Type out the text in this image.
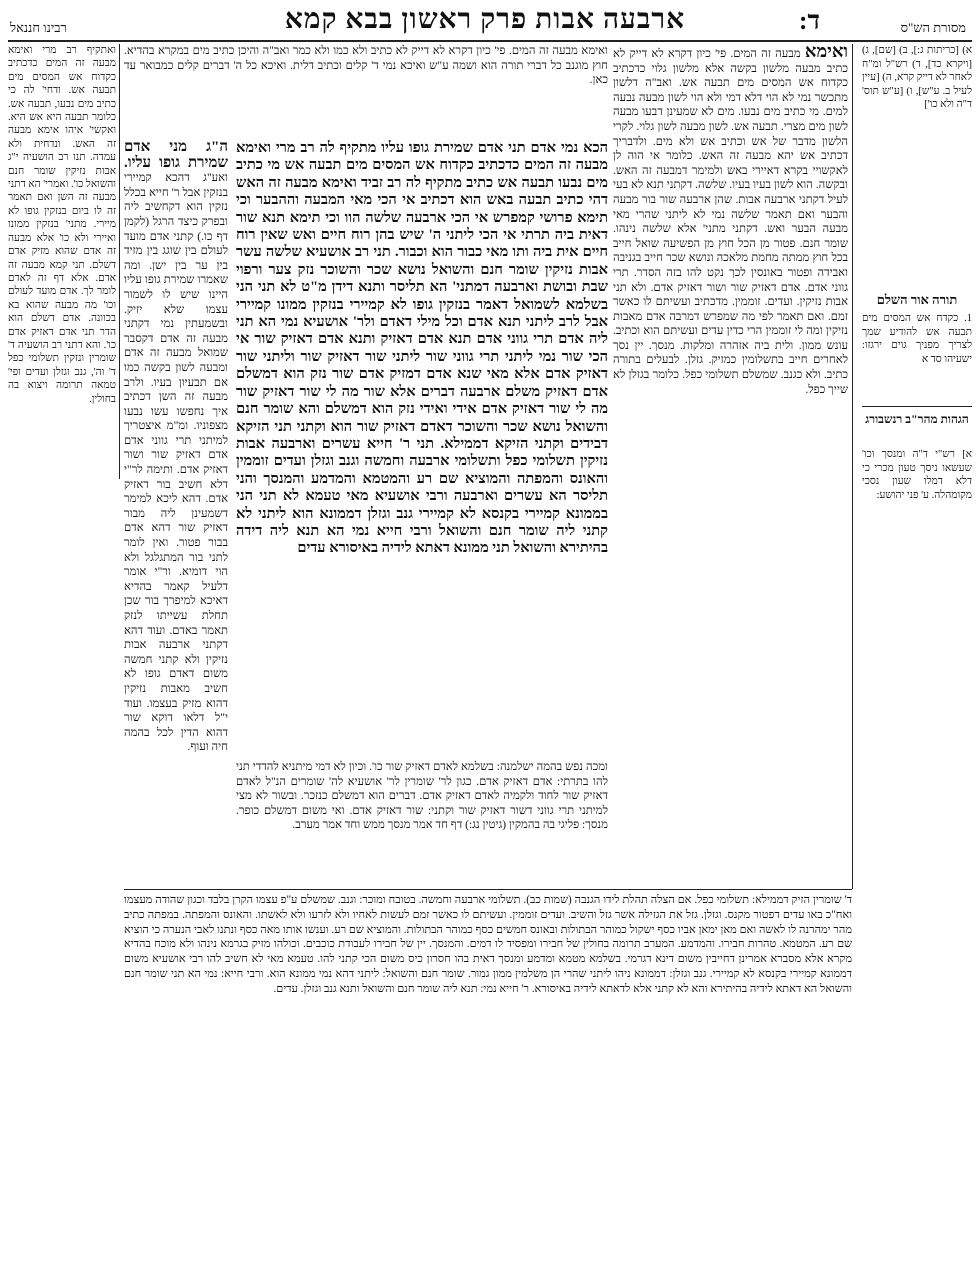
מסורת הש"ס
ד:
ארבעה אבות פרק ראשון בבא קמא
רבינו חננאל
א) [כריתות ג:], ב) [שם], ג) [ויקרא כד], ד) רש"ל ומ"ח לאחר לא דייק קרא, ה) [עיין לעיל ב. ע"ש], ו) [ע"ש תוס' ד"ה ולא כו']
תורה אור השלם
1. כקדח אש המסים מים תבעה אש להודיע שמך לצריך מפניך גוים ירגזו: ישעיהו סד א
הגהות מהר"ב רנשבורג
א] רש"י ד"ה ומנסך וכו' שעשאו ניסך טעון מכרי כי דלא דמלו שעון נסכי מקומהלה. ע' פני יהושע:

ואימא מבעה זה המים. פי' כיון דקרא לא דייק לא כתיב מבעה מלשון בקשה אלא מלשון גלוי כדכתיב כקדוח אש המסים מים תבעה אש. ואב"ה דלשון מתכשר נמי לא הוי דלא דמי ולא הוי לשון מבעה נבעה למים. מי כתיב מים נבעו. מים לא שמעינן דבעו מבעה לשון מים מצרי. תבעה אש. לשון מבעה לשון גלוי. לקרי הלשון מדבר של אש וכתיב אש ולא מים. ולדבריך דכתיב אש יהא מבעה זה האש. כלומר אי הוה לן לאקשויי בקרא דאיירי באש ולמימר דמבעה זה האש. ובקשה. הוא לשון בעיו בעיו. שלשה. דקתני תנא לא בעי לעיל דקתני ארבעה אבות. שהן ארבעה שור בור מבעה והבער ואם תאמר שלשה נמי לא ליתני שהרי מאי מבעה הבער ואש. דקתני מתני' אלא שלשה נינהו. שומר חנם. פטור מן הכל חוץ מן הפשיעה שואל חייב בכל חוץ ממתה מחמת מלאכה ונושא שכר חייב בגניבה ואבידה ופטור באונסין לכך נקט להו בזה הסדר. תרי גווני אדם. אדם דאזיק שור ושור דאזיק אדם. ולא תני אבות נזיקין. ועדים. זוממין. מדכתיב ועשיתם לו כאשר זמם. ואם תאמר לפי מה שמפרש דמרבה אדם מאבות נזיקין ומה לי זוממין הרי כדין עדים ועשיתם הוא וכתיב. עונש ממון. ולית ביה אזהרה ומלקות. מנסך. יין נסך לאחרים חייב בתשלומין כמזיק. גזלן. לבעלים בתורה כתיב. ולא כגנב. שמשלם תשלומי כפל. כלומר בגזלן לא שייך כפל.

הכא נמי אדם תני אדם שמירת גופו עליו מתקיף לה רב מרי ואימא מבעה זה המים כדכתיב כקדוח אש המסים מים תבעה אש מי כתיב מים נבעו תבעה אש כתיב מתקיף לה רב זביד ואימא מבעה זה האש דהי כתיב תבעה באש הוא דכתיב אי הכי מאי המבעה וההבער וכי תימא פרושי קמפרש אי הכי ארבעה שלשה הוו וכי תימא תנא שור דאית ביה תרתי אי הכי ליתני ה' שיש בהן רוח חיים ואש שאין רוח חיים אית ביה ותו מאי כבור הוא וכבור. תני רב אושעיא שלשה עשר אבות נזיקין שומר חנם והשואל נושא שכר והשוכר נזק צער ורפוי שבת ובושת וארבעה דמתני' הא תליסר ותנא דידן מ"ט לא תני הני בשלמא לשמואל דאמר בנזקין גופו לא קמיירי בנזקין ממונו קמיירי אבל לרב ליתני תנא אדם וכל מילי דאדם ולר' אושעיא נמי הא תני ליה אדם תרי גווני אדם תנא אדם דאזיק ותנא אדם דאזיק שור אי הכי שור נמי ליתני תרי גווני שור ליתני שור דאזיק שור וליתני שור דאזיק אדם אלא מאי שנא אדם דמזיק אדם שור נזק הוא דמשלם אדם דאזיק משלם ארבעה דברים אלא שור מה לי שור דאזיק שור מה לי שור דאזיק אדם אידי ואידי נזק הוא דמשלם והא שומר חנם והשואל נושא שכר והשוכר דאדם דאזיק שור הוא וקתני תני הזיקא דבידים וקתני הזיקא דממילא. תני ר' חייא עשרים וארבעה אבות נזיקין תשלומי כפל ותשלומי ארבעה וחמשה וגנב וגזלן ועדים זוממין והאונס והמפתה והמוציא שם רע והמטמא והמדמע והמנסך והני תליסר הא עשרים וארבעה ורבי אושעיא מאי טעמא לא תני הני בממונא קמיירי בקנסא לא קמיירי גנב וגזלן דממונא הוא ליתני לא קתני ליה שומר חנם והשואל ורבי חייא נמי הא תנא ליה דידה בהיתירא והשואל תני ממונא דאתא לידיה באיסורא עדים
ואימא מבעה זה המים. פי' כיון דקרא לא דייק לא כתיב ולא כמו ולא כמר ואב"ה והיכן כתיב מים במקרא בהדיא. חוץ מוגנב כל דברי תורה הוא ושמה ע"ש ואיכא נמי ד' קלים וכתיב דלית. ואיכא כל ה' דברים קלים כמבואר עד כאן.

ה"ג מני אדם שמירת גופו עליו. ואע"ג דהכא קמיירי בנזקין אבל ר' חייא בכלל נזקין הוא דקחשיב ליה ובפרק כיצד הרגל (לקמן דף כו.) קתני אדם מועד לעולם בין שוגג בין מזיד בין ער בין ישן. ומה שאמרו שמירת גופו עליו היינו שיש לו לשמור עצמו שלא יזיק. ובשמעתין נמי דקתני מבעה זה אדם דקסבר שמואל מבעה זה אדם ומבעה לשון בקשה כמו אם תבעיון בעיו. ולרב מבעה זה השן דכתיב איך נחפשו עשו נבעו מצפוניו. ומ"מ איצטריך למיתני תרי גווני אדם אדם דאזיק שור ושור דאזיק אדם. ותימה לר"י דלא חשיב בור דאזיק אדם. דהא ליכא למימר דשמעינן ליה מבור דאזיק שור דהא אדם בבור פטור. ואין לומר לתני בור המתגלגל ולא הוי דומיא. ור"י אומר דלעיל קאמר בהדיא דאיכא למיפרך בור שכן תחלת עשייתו לנזק תאמר באדם. ועוד דהא דקתני ארבעה אבות נזיקין ולא קתני חמשה משום דאדם גופו לא חשיב מאבות נזיקין דהוא מזיק בעצמו. ועוד י"ל דלאו דוקא שור דהוא הדין לכל בהמה חיה ועוף.

ואתקיף רב מרי ואימא מבעה זה המים כדכתיב כקדוח אש המסים מים תבעה אש. ודחי' לה כי כתיב מים נבעו, תבעה אש. כלומר תבעה היא אש היא. ואקשי' איהו אימא מבעה זה האש. ונדחית ולא עמדה. תנו רב הושעיה י"ג אבות נזיקין שומר חנם והשואל כו'. ואמרי' הא דתני מבעה זה השן ואם תאמר זה לו ביום בנזקין גופו לא מיירי. מתני' בנזקין ממונו ואיירי ולא כו' אלא מבעה זה אדם שהוא מזיק אדם דשלם. תני קמא מבעה זה אדם. אלא דף זה לאדם לומר לך. אדם מועד לעולם וכו' מה מבעה שהוא בא בכוונה. אדם דשלם הוא הדר תני אדם דאזיק אדם כו'. והא דתני רב הושעיה ד' שומרין ונזקין תשלומי כפל ד' וה', גנב וגזלן ועדים ופי' טמאה תרומה ויצוא בה בחולין.
ומכה נפש בהמה ישלמנה: בשלמא לאדם דאזיק שור כו'. וכיון לא דמי מיתניא להדדי תני להו בתרתי: אדם דאזיק אדם. כגון לר' שומרין לר' אושעיא לה' שומרים הנ"ל לאדם דאזיק שור לחוד ולקמיה לאדם דאזיק אדם. דברים הוא דמשלם כנזכר. ובשור לא מצי למיתני תרי גווני דשור דאזיק שור וקתני: שור דאזיק אדם. ואי משום דמשלם כופר. מנסך: פליגי בה בהמקין (גיטין נג:) דף חד אמר מנסך ממש וחד אמר מערב.
ד' שומרין הזיק דממילא: תשלומי כפל. אם הצלה תהלת לידו הגנבה (שמות כב). תשלומי ארבעה וחמשה. בטובח ומוכר: וגנב. שמשלם ע"פ עצמו הקרן בלבד וכגון שהודה מעצמו ואח"כ באו עדים דפטור מקנס. וגזלן. גזל את הגזילה אשר גזל והשיב. ועדים זוממין. ועשיתם לו כאשר זמם לעשות לאחיו ולא לזרעו ולא לאשתו. והאונס והמפתה. במפתה כתיב מהר ימהרנה לו לאשה ואם מאן ימאן אביו כסף ישקול כמוהר הבתולות ובאונס חמשים כסף כמוהר הבתולות. והמוציא שם רע. וענשו אותו מאה כסף ונתנו לאבי הנערה כי הוציא שם רע. המטמא. טהרות חבירו. והמדמע. המערב תרומה בחולין של חבירו ומפסיד לו דמים. והמנסך. יין של חבירו לעבודת כוכבים. וכולהו מזיק בגרמא נינהו ולא מוכח בהדיא מקרא אלא מסברא אמרינן דחייבין משום דינא דגרמי. בשלמא מטמא ומדמע ומנסך דאית בהו חסרון כיס משום הכי קתני להו. טעמא מאי לא חשיב להו רבי אושעיא משום דממונא קמיירי בקנסא לא קמיירי. גנב וגזלן: דממונא ניהו ליתני שהרי הן משלמין ממון גמור. שומר חנם והשואל: ליתני דהא נמי ממונא הוא. ורבי חייא: נמי הא תני שומר חנם והשואל הא דאתא לידיה בהיתירא והא לא קתני אלא לדאתא לידיה באיסורא. ר' חייא נמי: תנא ליה שומר חנם והשואל ותנא גנב וגזלן. עדים.
